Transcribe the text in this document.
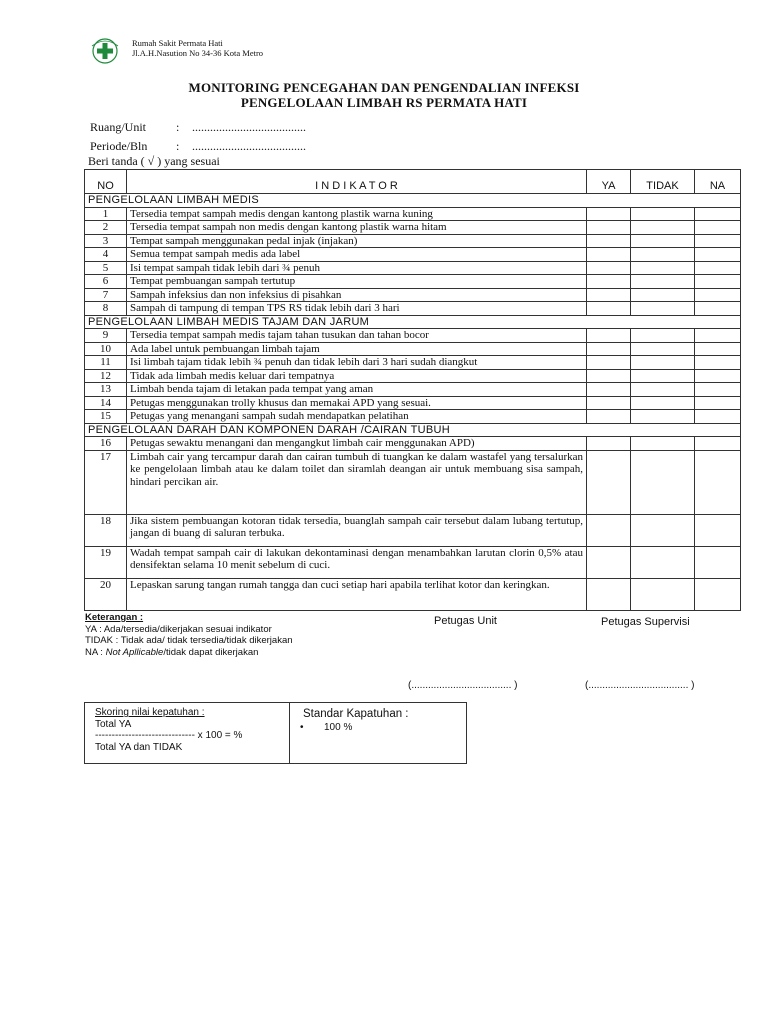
Rumah Sakit Permata Hati
Jl.A.H.Nasution No 34-36 Kota Metro
MONITORING PENCEGAHAN DAN PENGENDALIAN INFEKSI
PENGELOLAAN LIMBAH RS PERMATA HATI
Ruang/Unit	: ......................................
Periode/Bln : ......................................
Beri tanda ( √ ) yang sesuai
NO	I N D I K A T O R	YA	TIDAK	NA
PENGELOLAAN LIMBAH MEDIS				
1	Tersedia tempat sampah medis dengan kantong plastik warna kuning			
2	Tersedia tempat sampah non medis dengan kantong plastik warna hitam			
3	Tempat sampah menggunakan pedal injak (injakan)			
4	Semua tempat sampah medis ada label			
5	Isi tempat sampah tidak lebih dari ¾ penuh			
6	Tempat pembuangan sampah tertutup			
7	Sampah infeksius dan non infeksius di pisahkan			
8	Sampah di tampung di tempan TPS RS tidak lebih dari 3 hari			
PENGELOLAAN LIMBAH MEDIS TAJAM DAN JARUM				
9	Tersedia tempat sampah medis tajam tahan tusukan dan tahan bocor			
10	Ada label untuk pembuangan limbah tajam			
11	Isi limbah tajam tidak lebih ¾ penuh dan tidak lebih dari 3 hari sudah diangkut			
12	Tidak ada limbah medis keluar dari tempatnya			
13	Limbah benda tajam di letakan pada tempat yang aman			
14	Petugas menggunakan trolly khusus dan memakai APD yang sesuai.			
15	Petugas yang menangani sampah sudah mendapatkan pelatihan			
PENGELOLAAN DARAH DAN KOMPONEN DARAH /CAIRAN TUBUH				
16	Petugas sewaktu menangani dan mengangkut limbah cair menggunakan APD)			
17	Limbah cair yang tercampur darah dan cairan tumbuh di tuangkan ke dalam wastafel yang tersalurkan ke pengelolaan limbah atau ke dalam toilet dan siramlah deangan air untuk membuang sisa sampah, hindari percikan air.			
18	Jika sistem pembuangan kotoran tidak tersedia, buanglah sampah cair tersebut dalam lubang tertutup, jangan di buang di saluran terbuka.			
19	Wadah tempat sampah cair di lakukan dekontaminasi dengan menambahkan larutan clorin 0,5% atau densifektan selama 10 menit sebelum di cuci.			
20	Lepaskan sarung tangan rumah tangga dan cuci setiap hari apabila terlihat kotor dan keringkan.			
Keterangan :
YA : Ada/tersedia/dikerjakan sesuai indikator
TIDAK : Tidak ada/ tidak tersedia/tidak dikerjakan
NA : Not Apllicable/tidak dapat dikerjakan
Petugas Unit	Petugas Supervisi
(.................................... )	(.................................... )
Skoring nilai kepatuhan :
Total YA
------------------------------ x 100 = %
Total YA dan TIDAK
Standar Kapatuhan :
• 100 %
